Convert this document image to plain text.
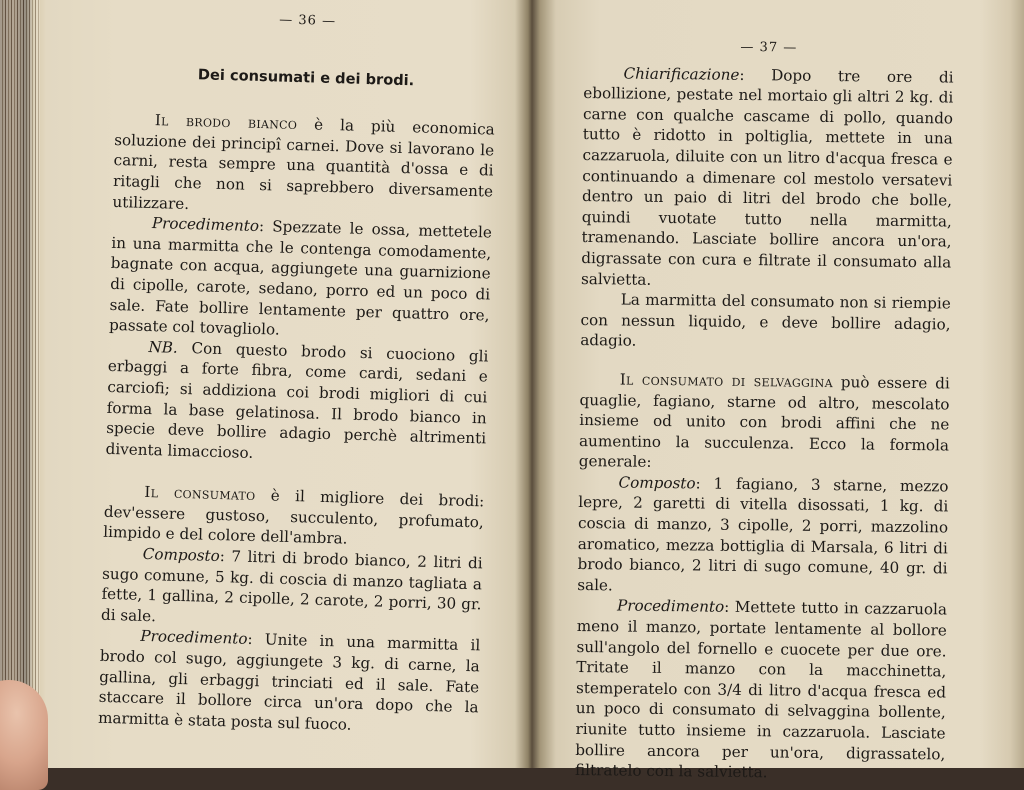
— 36 —
Dei consumati e dei brodi.

Il brodo bianco è la più economica soluzione dei principî carnei. Dove si lavorano le carni, resta sempre una quantità d'ossa e di ritagli che non si saprebbero diversamente utilizzare.

Procedimento: Spezzate le ossa, mettetele in una marmitta che le contenga comodamente, bagnate con acqua, aggiungete una guarnizione di cipolle, carote, sedano, porro ed un poco di sale. Fate bollire lentamente per quattro ore, passate col tovagliolo.

NB. Con questo brodo si cuociono gli erbaggi a forte fibra, come cardi, sedani e carciofi; si addiziona coi brodi migliori di cui forma la base gelatinosa. Il brodo bianco in specie deve bollire adagio perchè altrimenti diventa limaccioso.

Il consumato è il migliore dei brodi: dev'essere gustoso, succulento, profumato, limpido e del colore dell'ambra.

Composto: 7 litri di brodo bianco, 2 litri di sugo comune, 5 kg. di coscia di manzo tagliata a fette, 1 gallina, 2 cipolle, 2 carote, 2 porri, 30 gr. di sale.

Procedimento: Unite in una marmitta il brodo col sugo, aggiungete 3 kg. di carne, la gallina, gli erbaggi trinciati ed il sale. Fate staccare il bollore circa un'ora dopo che la marmitta è stata posta sul fuoco.

— 37 —

Chiarificazione: Dopo tre ore di ebollizione, pestate nel mortaio gli altri 2 kg. di carne con qualche cascame di pollo, quando tutto è ridotto in poltiglia, mettete in una cazzaruola, diluite con un litro d'acqua fresca e continuando a dimenare col mestolo versatevi dentro un paio di litri del brodo che bolle, quindi vuotate tutto nella marmitta, tramenando. Lasciate bollire ancora un'ora, digrassate con cura e filtrate il consumato alla salvietta.

La marmitta del consumato non si riempie con nessun liquido, e deve bollire adagio, adagio.

Il consumato di selvaggina può essere di quaglie, fagiano, starne od altro, mescolato insieme od unito con brodi affini che ne aumentino la succulenza. Ecco la formola generale:

Composto: 1 fagiano, 3 starne, mezzo lepre, 2 garetti di vitella disossati, 1 kg. di coscia di manzo, 3 cipolle, 2 porri, mazzolino aromatico, mezza bottiglia di Marsala, 6 litri di brodo bianco, 2 litri di sugo comune, 40 gr. di sale.

Procedimento: Mettete tutto in cazzaruola meno il manzo, portate lentamente al bollore sull'angolo del fornello e cuocete per due ore. Tritate il manzo con la macchinetta, stemperatelo con 3/4 di litro d'acqua fresca ed un poco di consumato di selvaggina bollente, riunite tutto insieme in cazzaruola. Lasciate bollire ancora per un'ora, digrassatelo, filtratelo con la salvietta.
